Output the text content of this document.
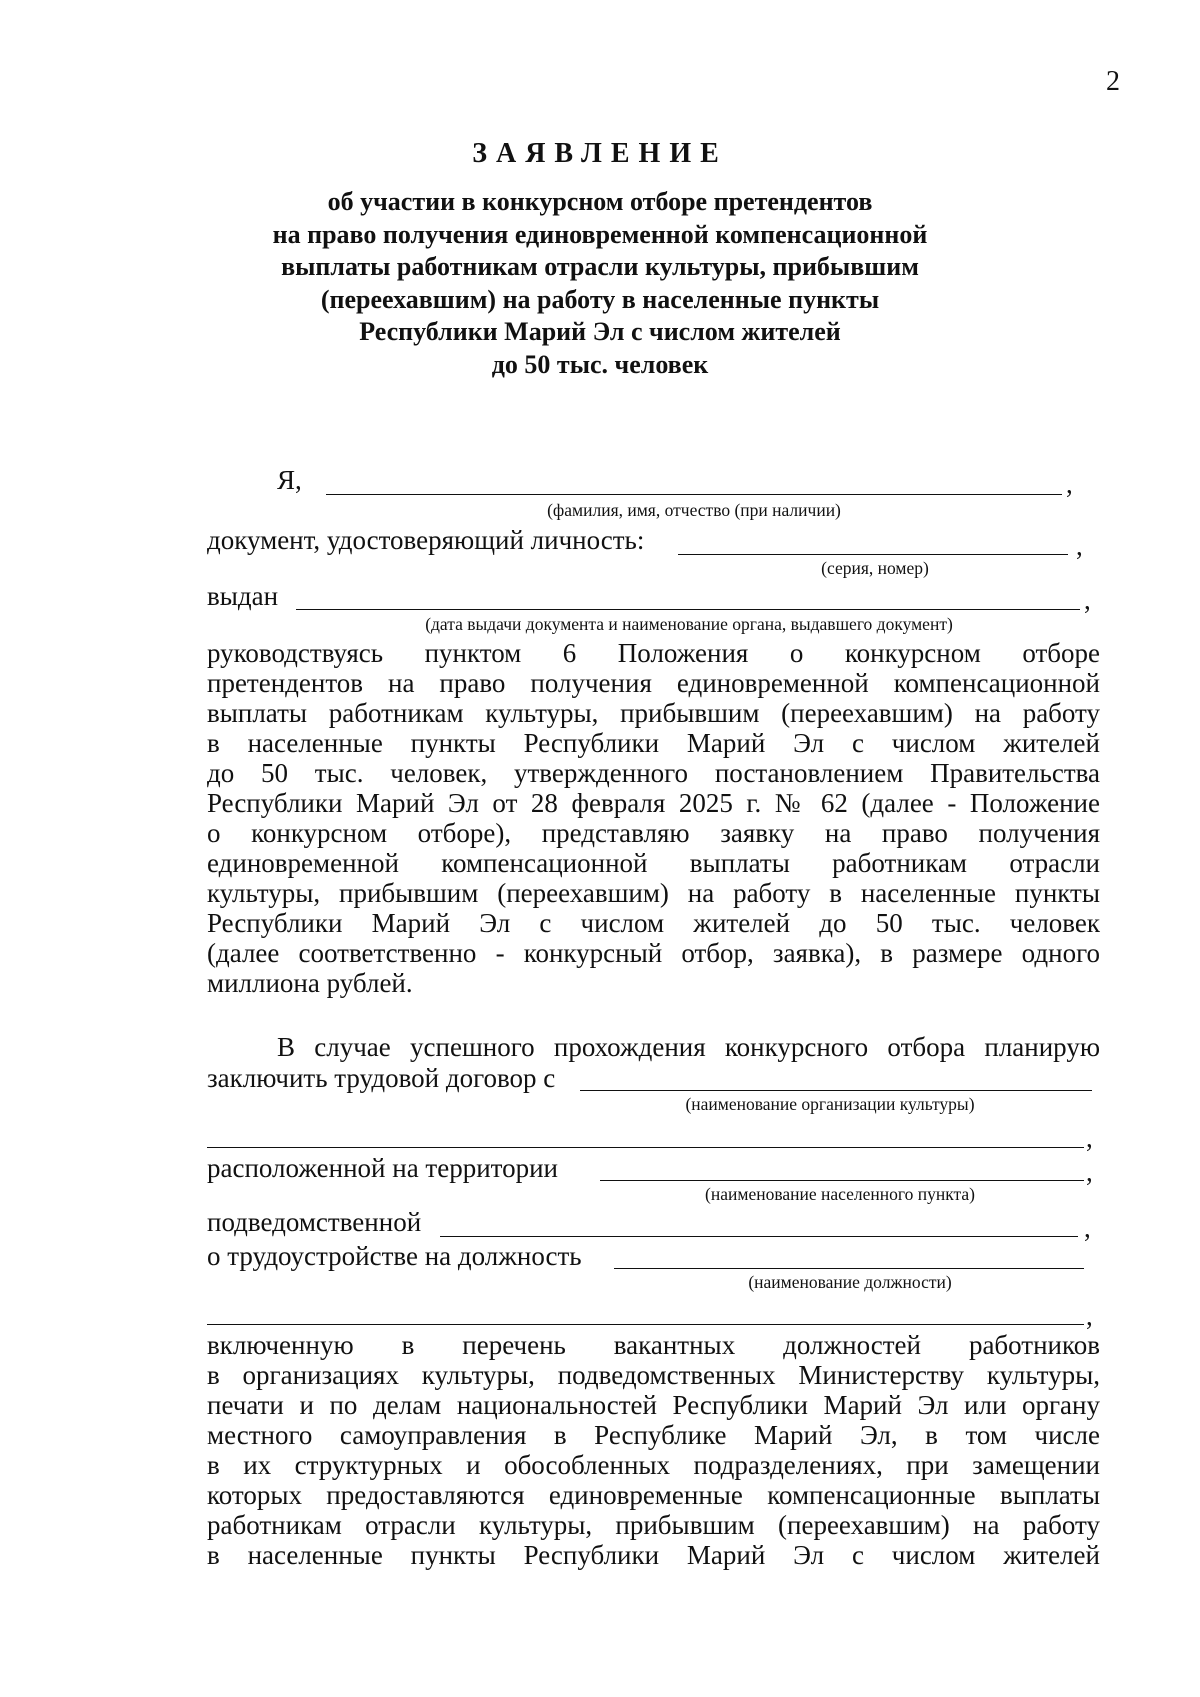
2
ЗАЯВЛЕНИЕ
об участии в конкурсном отборе претендентов
на право получения единовременной компенсационной
выплаты работникам отрасли культуры, прибывшим
(переехавшим) на работу в населенные пункты
Республики Марий Эл с числом жителей
до 50 тыс. человек
Я,	,
(фамилия, имя, отчество (при наличии)
документ, удостоверяющий личность:	,
(серия, номер)
выдан	,
(дата выдачи документа и наименование органа, выдавшего документ)
руководствуясь пунктом 6 Положения о конкурсном отборе
претендентов на право получения единовременной компенсационной
выплаты работникам культуры, прибывшим (переехавшим) на работу
в населенные пункты Республики Марий Эл с числом жителей
до 50 тыс. человек, утвержденного постановлением Правительства
Республики Марий Эл от 28 февраля 2025 г. № 62 (далее - Положение
о конкурсном отборе), представляю заявку на право получения
единовременной компенсационной выплаты работникам отрасли
культуры, прибывшим (переехавшим) на работу в населенные пункты
Республики Марий Эл с числом жителей до 50 тыс. человек
(далее соответственно - конкурсный отбор, заявка), в размере одного
миллиона рублей.
В случае успешного прохождения конкурсного отбора планирую
заключить трудовой договор с
(наименование организации культуры)
,
расположенной на территории	,
(наименование населенного пункта)
подведомственной	,
о трудоустройстве на должность
(наименование должности)
,
включенную в перечень вакантных должностей работников
в организациях культуры, подведомственных Министерству культуры,
печати и по делам национальностей Республики Марий Эл или органу
местного самоуправления в Республике Марий Эл, в том числе
в их структурных и обособленных подразделениях, при замещении
которых предоставляются единовременные компенсационные выплаты
работникам отрасли культуры, прибывшим (переехавшим) на работу
в населенные пункты Республики Марий Эл с числом жителей
